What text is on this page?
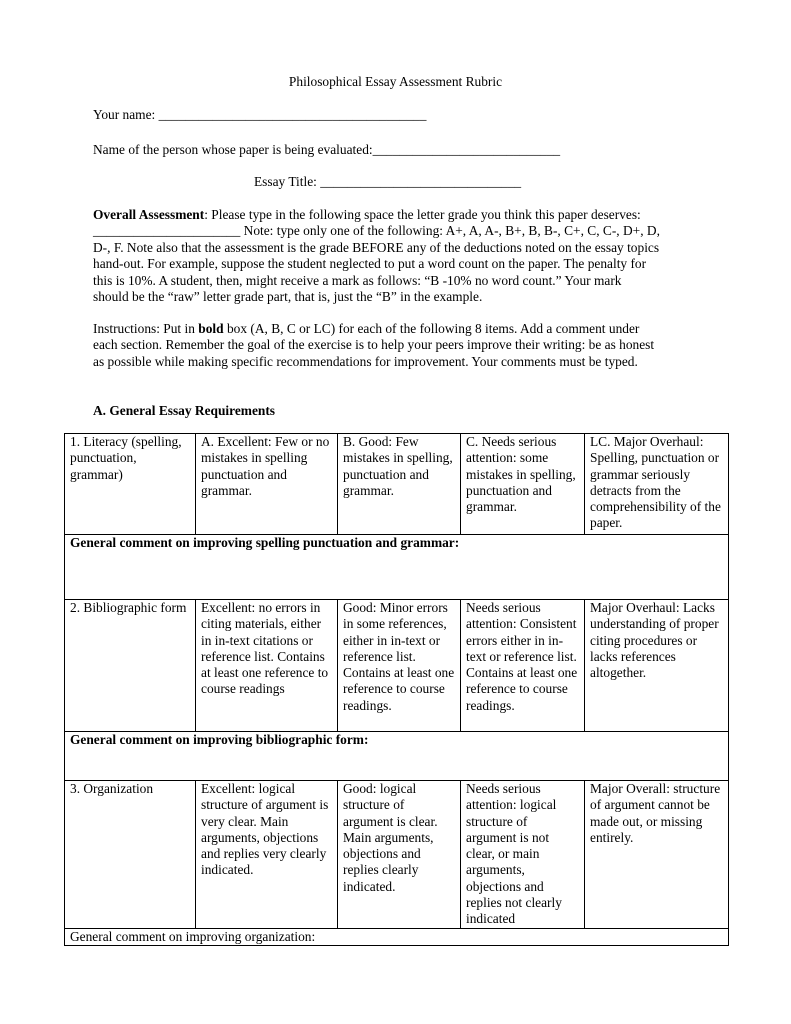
Philosophical Essay Assessment Rubric
Your name: ________________________________________
Name of the person whose paper is being evaluated:____________________________
Essay Title: ______________________________
Overall Assessment: Please type in the following space the letter grade you think this paper deserves:
______________________ Note: type only one of the following: A+, A, A-, B+, B, B-, C+, C, C-, D+, D,
D-, F. Note also that the assessment is the grade BEFORE any of the deductions noted on the essay topics
hand-out. For example, suppose the student neglected to put a word count on the paper. The penalty for
this is 10%. A student, then, might receive a mark as follows: “B -10% no word count.” Your mark
should be the “raw” letter grade part, that is, just the “B” in the example.
Instructions: Put in bold box (A, B, C or LC) for each of the following 8 items. Add a comment under
each section. Remember the goal of the exercise is to help your peers improve their writing: be as honest
as possible while making specific recommendations for improvement. Your comments must be typed.
A. General Essay Requirements
1. Literacy (spelling, punctuation, grammar)	A. Excellent: Few or no mistakes in spelling punctuation and grammar.	B. Good: Few mistakes in spelling, punctuation and grammar.	C. Needs serious attention: some mistakes in spelling, punctuation and grammar.	LC. Major Overhaul: Spelling, punctuation or grammar seriously detracts from the comprehensibility of the paper.
General comment on improving spelling punctuation and grammar:				
2. Bibliographic form	Excellent: no errors in citing materials, either in in-text citations or reference list. Contains at least one reference to course readings	Good: Minor errors in some references, either in in-text or reference list. Contains at least one reference to course readings.	Needs serious attention: Consistent errors either in in-text or reference list. Contains at least one reference to course readings.	Major Overhaul: Lacks understanding of proper citing procedures or lacks references altogether.
General comment on improving bibliographic form:				
3. Organization	Excellent: logical structure of argument is very clear. Main arguments, objections and replies very clearly indicated.	Good: logical structure of argument is clear. Main arguments, objections and replies clearly indicated.	Needs serious attention: logical structure of argument is not clear, or main arguments, objections and replies not clearly indicated	Major Overall: structure of argument cannot be made out, or missing entirely.
General comment on improving organization:				
